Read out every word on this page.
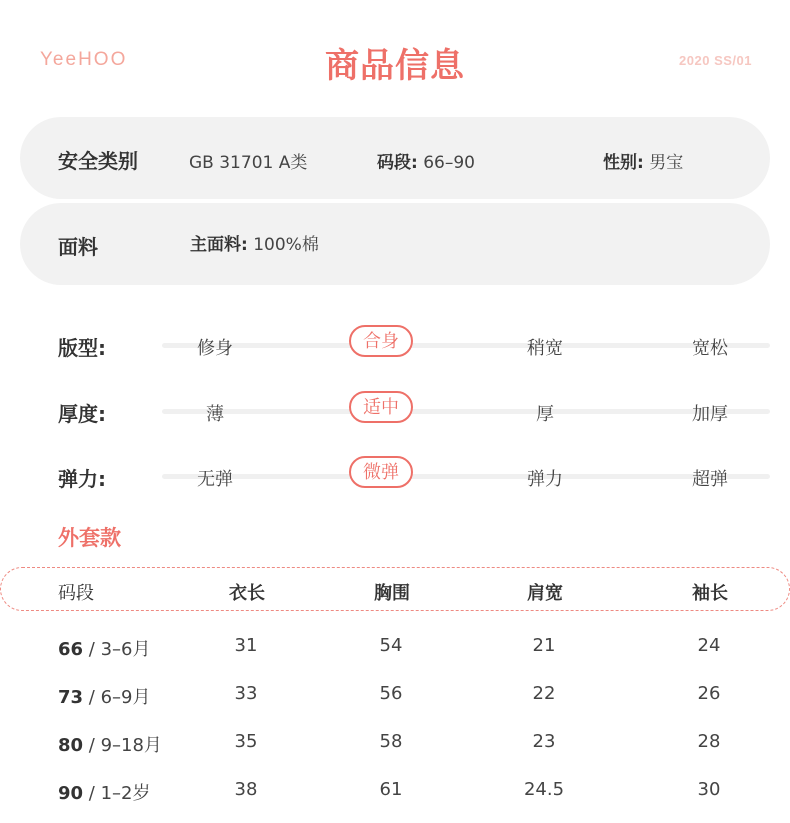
YeeHOO	商品信息	2020 SS/01
安全类别	GB 31701 A类	码段: 66–90	性别: 男宝
面料	主面料: 100%棉
版型:	修身	合身	稍宽	宽松
厚度:	薄	适中	厚	加厚
弹力:	无弹	微弹	弹力	超弹
外套款
码段	衣长	胸围	肩宽	袖长
66 / 3–6月	31	54	21	24
73 / 6–9月	33	56	22	26
80 / 9–18月	35	58	23	28
90 / 1–2岁	38	61	24.5	30
